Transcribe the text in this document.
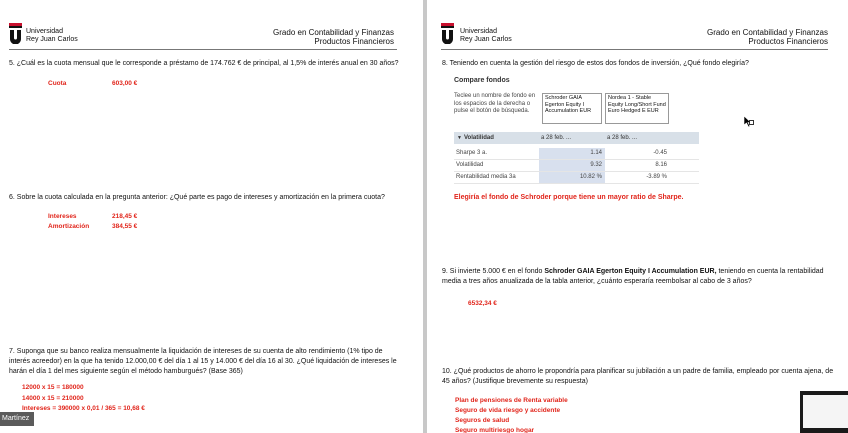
Universidad
Rey Juan Carlos
Grado en Contabilidad y Finanzas
Productos Financieros
5. ¿Cuál es la cuota mensual que le corresponde a préstamo de 174.762 € de principal, al 1,5% de interés anual en 30 años?
Cuota	603,00 €
6. Sobre la cuota calculada en la pregunta anterior: ¿Qué parte es pago de intereses y amortización en la primera cuota?
Intereses	218,45 €
Amortización	384,55 €
7. Suponga que su banco realiza mensualmente la liquidación de intereses de su cuenta de alto rendimiento (1% tipo de interés acreedor) en la que ha tenido 12.000,00 € del día 1 al 15 y 14.000 € del día 16 al 30. ¿Qué liquidación de intereses le harán el día 1 del mes siguiente según el método hamburgués? (Base 365)
12000 x 15 = 180000
14000 x 15 = 210000
Intereses = 390000 x 0,01 / 365 = 10,68 €
Universidad
Rey Juan Carlos
Grado en Contabilidad y Finanzas
Productos Financieros
8. Teniendo en cuenta la gestión del riesgo de estos dos fondos de inversión, ¿Qué fondo elegiría?
Compare fondos
Teclee un nombre de fondo en los espacios de la derecha o pulse el botón de búsqueda.
Schroder GAIA Egerton Equity I Accumulation EUR
Nordea 1 - Stable Equity Long/Short Fund Euro Hedged E EUR
▼ Volatilidad	a 28 feb. ...	a 28 feb. ...
Sharpe 3 a.	1.14	-0.45
Volatilidad	9.32	8.16
Rentabilidad media 3a	10.82 %	-3.89 %
Elegiría el fondo de Schroder porque tiene un mayor ratio de Sharpe.
9. Si invierte 5.000 € en el fondo Schroder GAIA Egerton Equity I Accumulation EUR, teniendo en cuenta la rentabilidad media a tres años anualizada de la tabla anterior, ¿cuánto esperaría reembolsar al cabo de 3 años?
6532,34 €
10. ¿Qué productos de ahorro le propondría para planificar su jubilación a un padre de familia, empleado por cuenta ajena, de 45 años? (Justifique brevemente su respuesta)
Plan de pensiones de Renta variable
Seguro de vida riesgo y accidente
Seguros de salud
Seguro multiriesgo hogar
Martínez
